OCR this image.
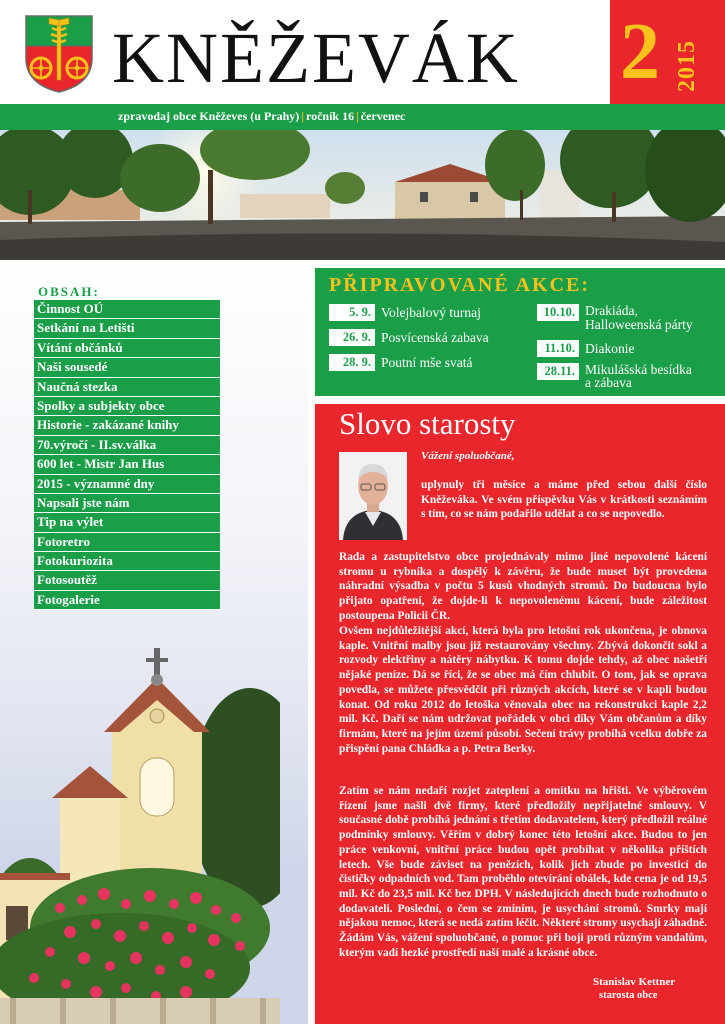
KNĚŽEVÁK 2 2015
zpravodaj obce Kněževes (u Prahy) | ročník 16 | červenec
OBSAH:
Činnost OÚ
Setkání na Letišti
Vítání občánků
Naši sousedé
Naučná stezka
Spolky a subjekty obce
Historie - zakázané knihy
70.výročí - II.sv.válka
600 let - Mistr Jan Hus
2015 - významné dny
Napsali jste nám
Tip na výlet
Fotoretro
Fotokuriozita
Fotosoutěž
Fotogalerie
PŘIPRAVOVANÉ AKCE:
5. 9. Volejbalový turnaj
26. 9. Posvícenská zabava
28. 9. Poutní mše svatá
10.10. Drakiáda,
Halloweenská párty
11.10. Diakonie
28.11. Mikulášská besídka
a zábava
Slovo starosty
Vážení spoluobčané,

uplynuly tři měsíce a máme před sebou další číslo Kněževáka. Ve svém příspěvku Vás v krátkosti seznámím s tím, co se nám podařilo udělat a co se nepovedlo.

Rada a zastupitelstvo obce projednávaly mimo jiné nepovolené kácení stromu u rybníka a dospělý k závěru, že bude muset být provedena náhradní výsadba v počtu 5 kusů vhodných stromů. Do budoucna bylo přijato opatření, že dojde-li k nepovolenému kácení, bude záležitost postoupena Policii ČR.

Ovšem nejdůležitější akcí, která byla pro letošní rok ukončena, je obnova kaple. Vnitřní malby jsou již restaurovány všechny. Zbývá dokončit sokl a rozvody elektřiny a nátěry nábytku. K tomu dojde tehdy, až obec našetří nějaké peníze. Dá se říci, že se obec má čím chlubit. O tom, jak se oprava povedla, se můžete přesvědčit při různých akcích, které se v kapli budou konat. Od roku 2012 do letoška věnovala obec na rekonstrukci kaple 2,2 mil. Kč. Daří se nám udržovat pořádek v obci díky Vám občanům a díky firmám, které na jejím území působí. Sečení trávy probíhá vcelku dobře za přispění pana Chládka a p. Petra Berky.

Zatím se nám nedaří rozjet zateplení a omítku na hřišti. Ve výběrovém řízení jsme našli dvě firmy, které předložily nepřijatelné smlouvy. V současné době probíhá jednání s třetím dodavatelem, který předložil reálné podmínky smlouvy. Věřím v dobrý konec této letošní akce. Budou to jen práce venkovní, vnitřní práce budou opět probíhat v několika příštích letech. Vše bude záviset na penězích, kolik jich zbude po investicí do čističky odpadních vod. Tam proběhlo otevírání obálek, kde cena je od 19,5 mil. Kč do 23,5 mil. Kč bez DPH. V následujících dnech bude rozhodnuto o dodavateli. Poslední, o čem se zmíním, je usychání stromů. Smrky mají nějakou nemoc, která se nedá zatím léčit. Některé stromy usychají záhadně. Žádám Vás, vážení spoluobčané, o pomoc při boji proti různým vandalům, kterým vadí hezké prostředí naší malé a krásné obce.

Stanislav Kettner
starosta obce
